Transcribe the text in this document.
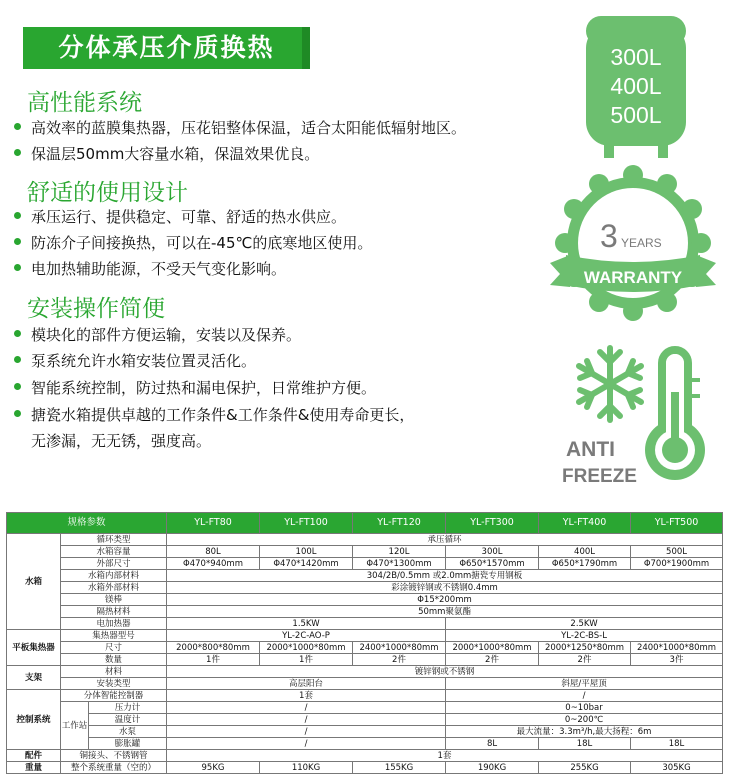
分体承压介质换热
高性能系统
高效率的蓝膜集热器，压花铝整体保温，适合太阳能低辐射地区。
保温层50mm大容量水箱，保温效果优良。
舒适的使用设计
承压运行、提供稳定、可靠、舒适的热水供应。
防冻介子间接换热，可以在-45℃的底寒地区使用。
电加热辅助能源，不受天气变化影响。
安装操作简便
模块化的部件方便运输，安装以及保养。
泵系统允许水箱安装位置灵活化。
智能系统控制，防过热和漏电保护，日常维护方便。
搪瓷水箱提供卓越的工作条件&工作条件&使用寿命更长，
无渗漏，无无锈，强度高。
300L
400L
500L
3 YEARS
WARRANTY
ANTI
FREEZE
规格参数			YL-FT80	YL-FT100	YL-FT120	YL-FT300	YL-FT400	YL-FT500
水箱	循环类型		承压循环					
	水箱容量		80L	100L	120L	300L	400L	500L
	外部尺寸		Φ470*940mm	Φ470*1420mm	Φ470*1300mm	Φ650*1570mm	Φ650*1790mm	Φ700*1900mm
	水箱内部材料		304/2B/0.5mm 或2.0mm搪瓷专用钢板					
	水箱外部材料		彩涂镀锌钢或不锈钢0.4mm					
	镁棒		Φ15*200mm					
	隔热材料		50mm聚氨酯					
	电加热器		1.5KW			2.5KW		
平板集热器	集热器型号		YL-2C-AO-P			YL-2C-BS-L		
	尺寸		2000*800*80mm	2000*1000*80mm	2400*1000*80mm	2000*1000*80mm	2000*1250*80mm	2400*1000*80mm
	数量		1件	1件	2件	2件	2件	3件
支架	材料		镀锌钢或不锈钢					
	安装类型		高层阳台			斜屋/平屋顶		
控制系统	分体智能控制器		1套			/		
	工作站	压力计	/			0~10bar		
		温度计	/			0~200℃		
		水泵	/			最大流量：3.3m³/h,最大扬程：6m		
		膨胀罐	/			8L	18L	18L
配件	铜接头、不锈钢管		1套					
重量	整个系统重量（空的）		95KG	110KG	155KG	190KG	255KG	305KG
